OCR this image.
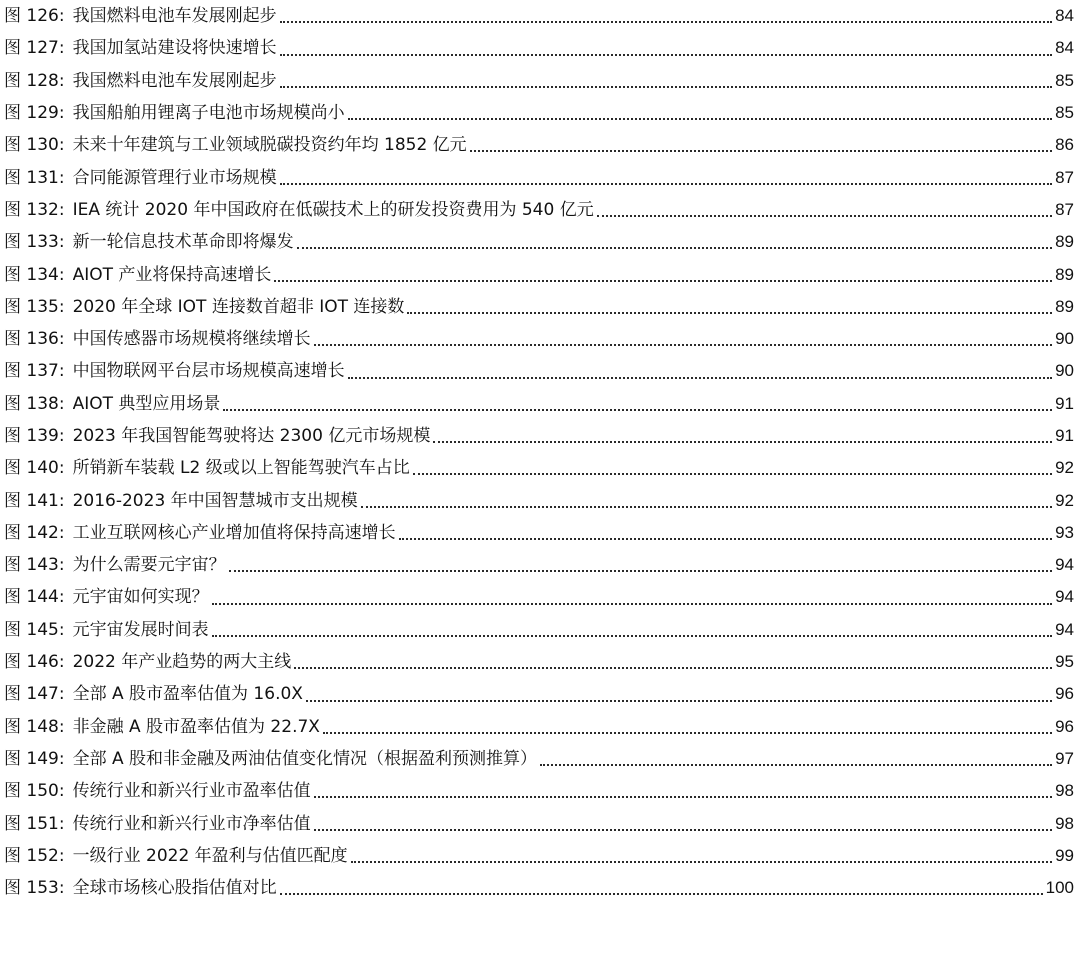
图 126: 我国燃料电池车发展刚起步	84
图 127: 我国加氢站建设将快速增长	84
图 128: 我国燃料电池车发展刚起步	85
图 129: 我国船舶用锂离子电池市场规模尚小	85
图 130: 未来十年建筑与工业领域脱碳投资约年均 1852 亿元	86
图 131: 合同能源管理行业市场规模	87
图 132: IEA 统计 2020 年中国政府在低碳技术上的研发投资费用为 540 亿元	87
图 133: 新一轮信息技术革命即将爆发	89
图 134: AIOT 产业将保持高速增长	89
图 135: 2020 年全球 IOT 连接数首超非 IOT 连接数	89
图 136: 中国传感器市场规模将继续增长	90
图 137: 中国物联网平台层市场规模高速增长	90
图 138: AIOT 典型应用场景	91
图 139: 2023 年我国智能驾驶将达 2300 亿元市场规模	91
图 140: 所销新车装载 L2 级或以上智能驾驶汽车占比	92
图 141: 2016-2023 年中国智慧城市支出规模	92
图 142: 工业互联网核心产业增加值将保持高速增长	93
图 143: 为什么需要元宇宙？	94
图 144: 元宇宙如何实现？	94
图 145: 元宇宙发展时间表	94
图 146: 2022 年产业趋势的两大主线	95
图 147: 全部 A 股市盈率估值为 16.0X	96
图 148: 非金融 A 股市盈率估值为 22.7X	96
图 149: 全部 A 股和非金融及两油估值变化情况（根据盈利预测推算）	97
图 150: 传统行业和新兴行业市盈率估值	98
图 151: 传统行业和新兴行业市净率估值	98
图 152: 一级行业 2022 年盈利与估值匹配度	99
图 153: 全球市场核心股指估值对比	100
